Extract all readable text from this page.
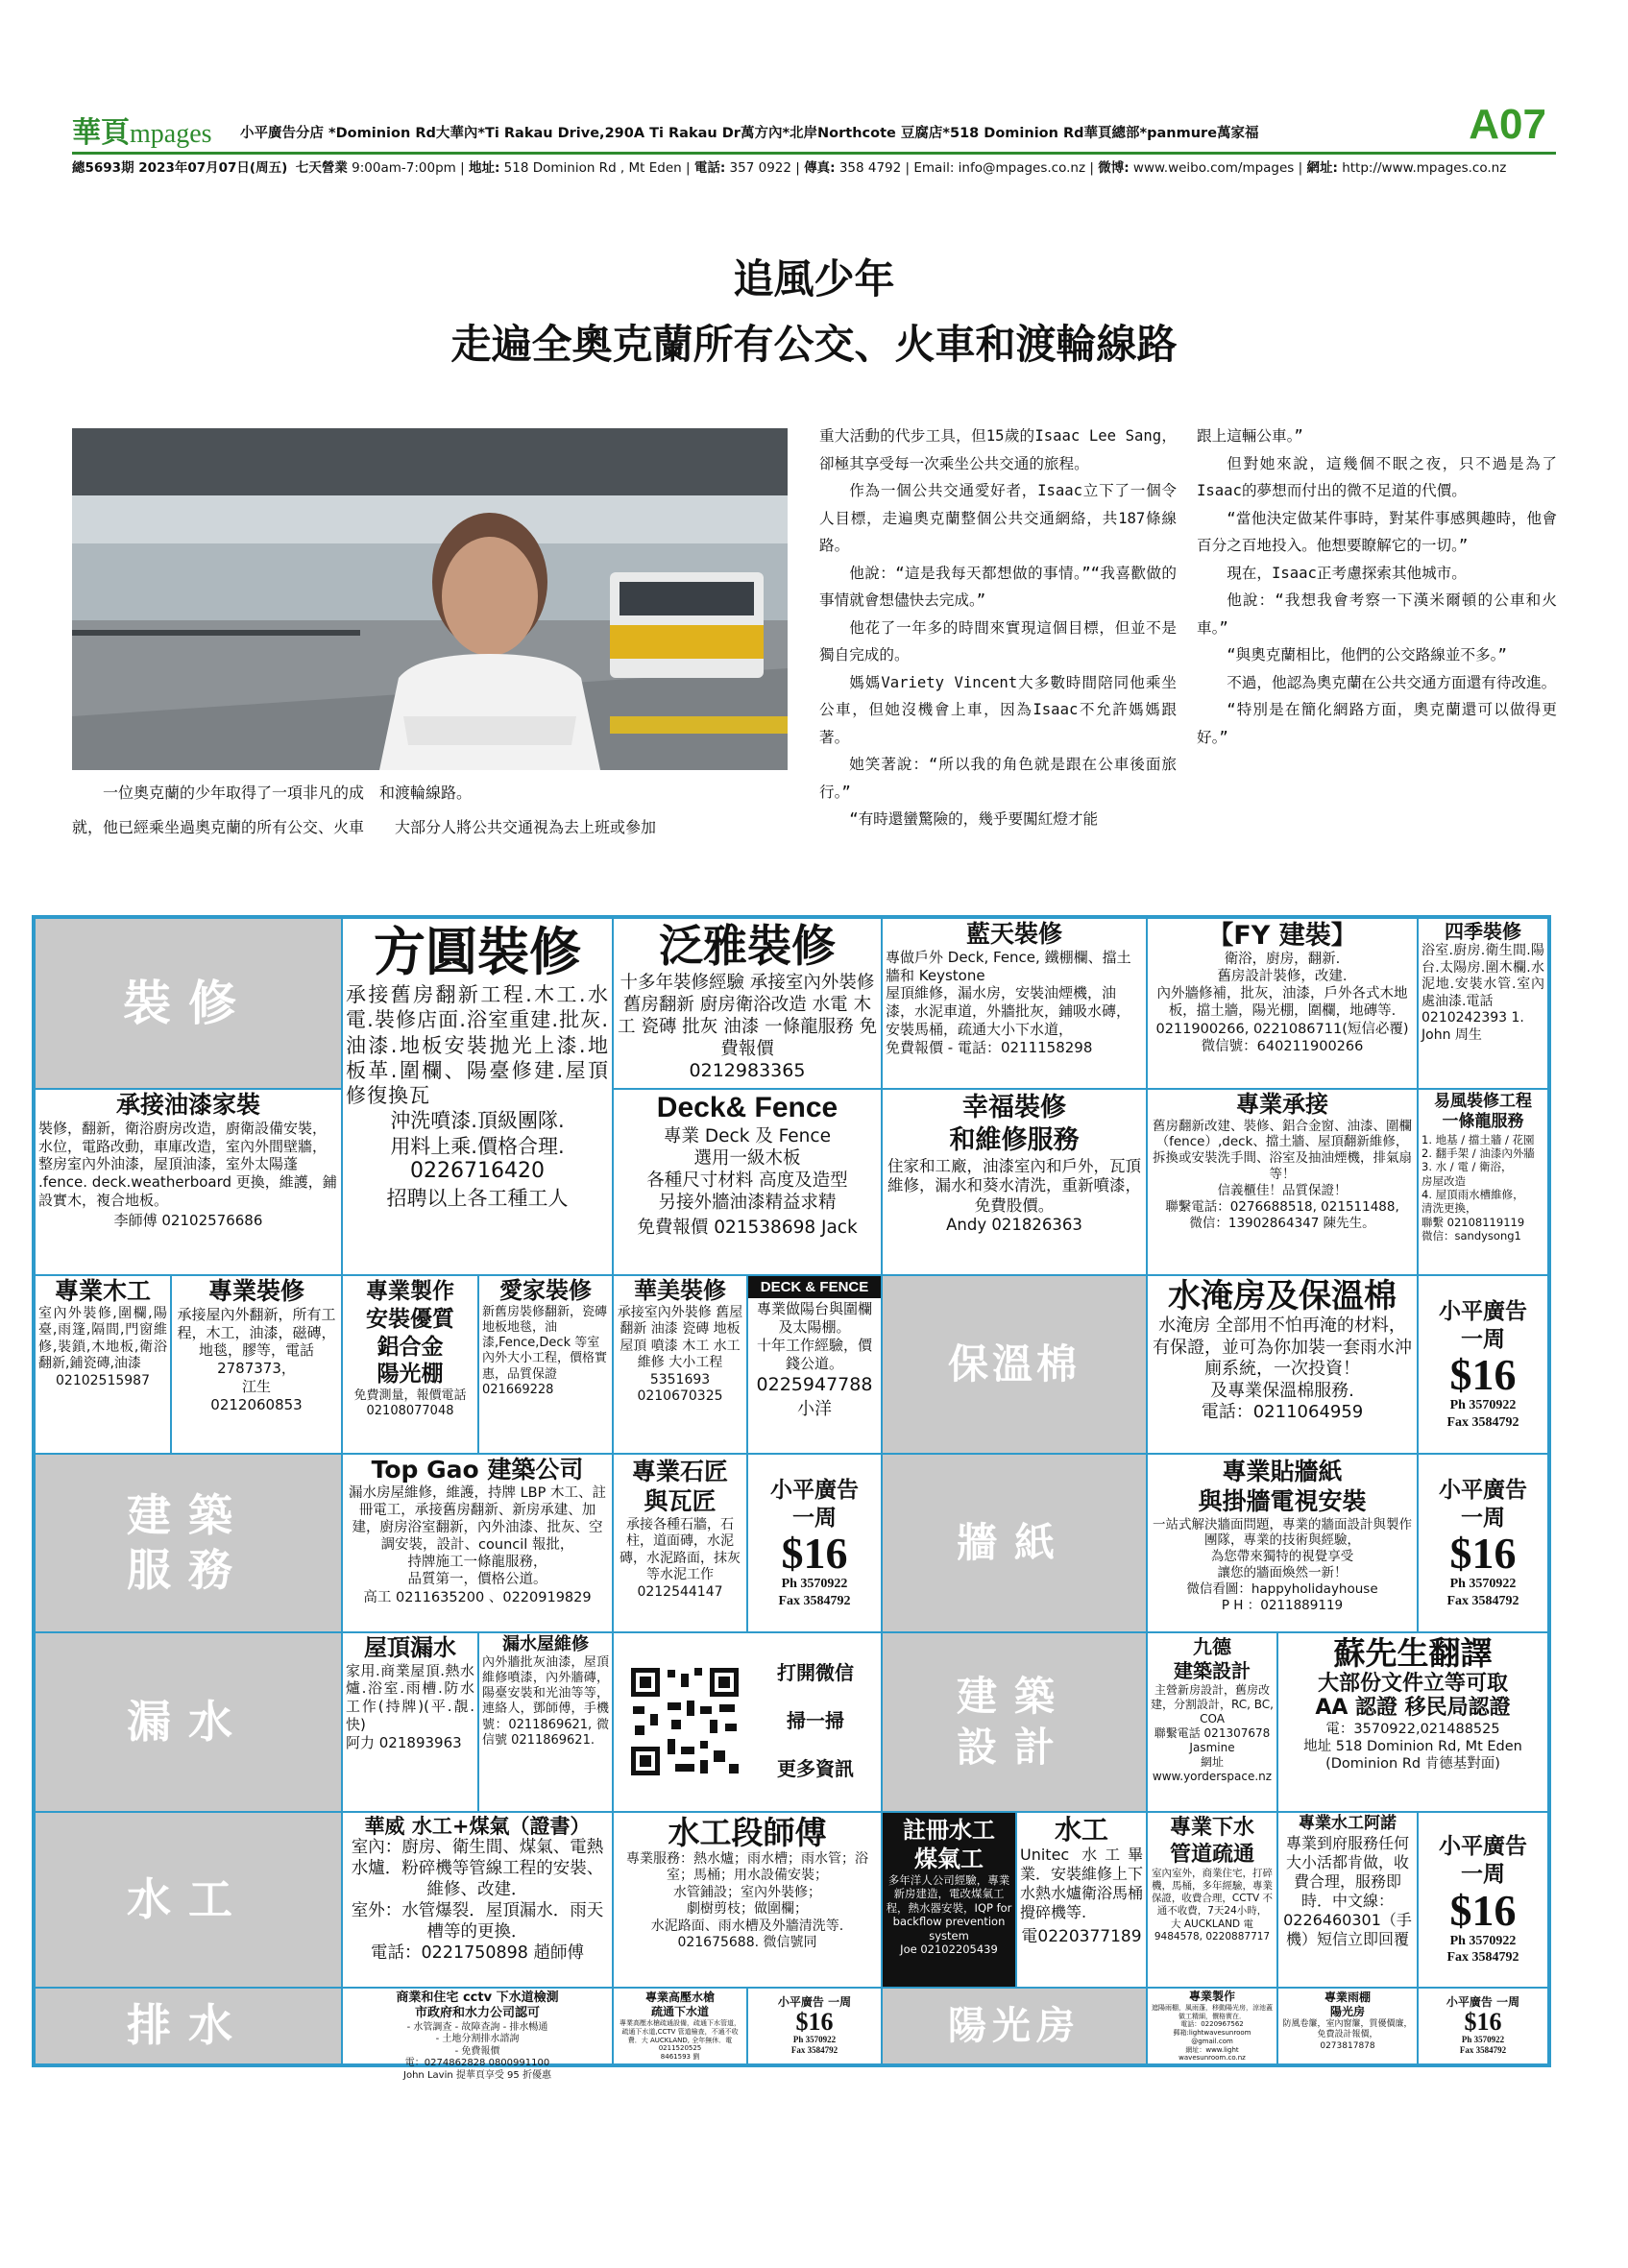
華頁mpages 小平廣告分店 *Dominion Rd大華內*Ti Rakau Drive,290A Ti Rakau Dr萬方內*北岸Northcote 豆腐店*518 Dominion Rd華頁總部*panmure萬家福	A07
總5693期 2023年07月07日(周五) 七天營業 9:00am-7:00pm | 地址: 518 Dominion Rd , Mt Eden | 電話: 357 0922 | 傳真: 358 4792 | Email: info@mpages.co.nz | 微博: www.weibo.com/mpages | 網址: http://www.mpages.co.nz
追風少年
走遍全奧克蘭所有公交、火車和渡輪線路
　　一位奧克蘭的少年取得了一項非凡的成　和渡輪線路。
就，他已經乘坐過奧克蘭的所有公交、火車　　大部分人將公共交通視為去上班或參加

重大活動的代步工具，但15歲的Isaac Lee Sang，卻極其享受每一次乘坐公共交通的旅程。

作為一個公共交通愛好者，Isaac立下了一個令人目標，走遍奧克蘭整個公共交通網絡，共187條線路。

他說：“這是我每天都想做的事情。”“我喜歡做的事情就會想儘快去完成。”

他花了一年多的時間來實現這個目標，但並不是獨自完成的。

媽媽Variety Vincent大多數時間陪同他乘坐公車，但她沒機會上車，因為Isaac不允許媽媽跟著。

她笑著說：“所以我的角色就是跟在公車後面旅行。”

“有時還蠻驚險的，幾乎要闖紅燈才能

跟上這輛公車。”

但對她來說，這幾個不眠之夜，只不過是為了Isaac的夢想而付出的微不足道的代價。

“當他決定做某件事時，對某件事感興趣時，他會百分之百地投入。他想要瞭解它的一切。”

現在，Isaac正考慮探索其他城市。

他說：“我想我會考察一下漢米爾頓的公車和火車。”

“與奧克蘭相比，他們的公交路線並不多。”

不過，他認為奧克蘭在公共交通方面還有待改進。

“特別是在簡化網路方面，奧克蘭還可以做得更好。”

裝修
方圓裝修
承接舊房翻新工程.木工.水電.裝修店面.浴室重建.批灰.油漆.地板安裝拋光上漆.地板革.圍欄、陽臺修建.屋頂修復換瓦
沖洗噴漆.頂級團隊.
用料上乘.價格合理.
0226716420
招聘以上各工種工人
泛雅裝修
十多年裝修經驗 承接室內外裝修 舊房翻新 廚房衛浴改造 水電 木工 瓷磚 批灰 油漆 一條龍服務 免費報價
0212983365
藍天裝修
專做戶外 Deck, Fence, 鐵棚欄、擋土牆和 Keystone
屋頂維修，漏水房，安裝油煙機，油漆，水泥車道，外牆批灰，鋪吸水磚，安裝馬桶，疏通大小下水道，
免費報價 - 電話：0211158298
【FY 建裝】
衛浴，廚房，翻新.
舊房設計裝修，改建.
內外牆修補，批灰，油漆，戶外各式木地板，擋土牆，陽光棚，圍欄，地磚等.
0211900266, 0221086711(短信必覆)
微信號：640211900266
四季裝修
浴室.廚房.衛生間.陽台.太陽房.圍木欄.水泥地.安裝水管.室內處油漆.電話
0210242393 1.
John 周生
承接油漆家裝
裝修，翻新，衛浴廚房改造，廚衛設備安裝，水位，電路改動，車庫改造，室內外間壁牆，整房室內外油漆，屋頂油漆，室外太陽蓬 .fence. deck.weatherboard 更換，維護，鋪設實木，複合地板。
李師傅 02102576686
Deck& Fence
專業 Deck 及 Fence
選用一級木板
各種尺寸材料 高度及造型
另接外牆油漆精益求精
免費報價 021538698 Jack
幸福裝修
和維修服務
住家和工廠，油漆室內和戶外，瓦頂維修，漏水和葵水清洗，重新噴漆，免費股價。
Andy 021826363
專業承接
舊房翻新改建、裝修、鋁合金窗、油漆、圍欄（fence）,deck、擋土牆、屋頂翻新維修，拆換或安裝洗手間、浴室及抽油煙機，排氣扇等！
信義櫃佳！品質保證！
聯繫電話：0276688518, 021511488,
微信：13902864347 陳先生。
易風裝修工程
一條龍服務
1. 地基 / 擋土牆 / 花園
2. 翻手架 / 油漆內外牆
3. 水 / 電 / 衛浴，
房屋改造
4. 屋頂雨水槽維修，
清洗更換，
聯繫 02108119119
微信：sandysong1
專業木工
室內外裝修,圍欄,陽臺,雨篷,隔間,門窗維修,裝鎖,木地板,衛浴翻新,鋪瓷磚,油漆
02102515987
專業裝修
承接屋內外翻新，所有工程，木工，油漆，磁磚，地毯，膠等，電話 2787373，
江生
0212060853
專業製作
安裝優質
鋁合金
陽光棚
免費測量，報價電話 02108077048
愛家裝修
新舊房裝修翻新，瓷磚地板地毯，油漆,Fence,Deck 等室內外大小工程，價格實惠，品質保證 021669228
華美裝修
承接室內外裝修 舊屋翻新 油漆 瓷磚 地板 屋頂 噴漆 木工 水工 維修 大小工程
5351693
0210670325
DECK & FENCE
專業做陽台與圍欄及太陽棚。
十年工作經驗，價錢公道。
0225947788
小洋
保溫棉
水淹房及保溫棉
水淹房 全部用不怕再淹的材料，有保證，並可為你加裝一套雨水沖廁系統，一次投資！
及專業保溫棉服務.
電話：0211064959
小平廣告
一周
$16
Ph 3570922
Fax 3584792
建築
服務
Top Gao 建築公司
漏水房屋維修，維護，持牌 LBP 木工、註冊電工，承接舊房翻新、新房承建、加建，廚房浴室翻新，內外油漆、批灰、空調安裝，設計、council 報批，
持牌施工一條龍服務，
品質第一，價格公道。
高工 0211635200 、0220919829
專業石匠
與瓦匠
承接各種石牆，石柱，道面磚，水泥磚，水泥路面，抹灰等水泥工作
0212544147
小平廣告
一周
$16
Ph 3570922
Fax 3584792
牆紙
專業貼牆紙
與掛牆電視安裝
一站式解決牆面問題，專業的牆面設計與製作團隊，專業的技術與經驗，
為您帶來獨特的視覺享受
讓您的牆面煥然一新！
微信看圖：happyholidayhouse
P H ：0211889119
小平廣告
一周
$16
Ph 3570922
Fax 3584792
漏水
屋頂漏水
家用.商業屋頂.熱水爐.浴室.雨槽.防水工作(持牌)(平.靚.快)
阿力 021893963
漏水屋維修
內外牆批灰油漆，屋頂維修噴漆，內外牆磚，陽臺安裝和光油等等，連絡人，鄧師傅，手機號：0211869621, 微信號 0211869621.
打開微信
掃一掃
更多資訊
建築
設計
九德
建築設計
主營新房設計，舊房改建，分割設計，RC, BC, COA
聯繫電話 021307678
Jasmine
網址
www.yorderspace.nz
蘇先生翻譯
大部份文件立等可取
AA 認證 移民局認證
電：3570922,021488525
地址 518 Dominion Rd, Mt Eden
(Dominion Rd 肯德基對面)
水工
華威 水工+煤氣（證書）
室內：廚房、衛生間、煤氣、電熱水爐．粉碎機等管線工程的安裝、維修、改建．
室外：水管爆裂．屋頂漏水．雨天槽等的更換．
電話：0221750898 趙師傅
水工段師傅
專業服務：熱水爐；雨水槽；雨水管；浴室；馬桶；用水設備安裝；
水管鋪設；室內外裝修；
劇樹剪枝；做圍欄；
水泥路面、雨水槽及外牆清洗等.
021675688. 微信號同
註冊水工
煤氣工
多年洋人公司經驗，專業新房建造，電改煤氣工程，熱水器安裝，IQP for backflow prevention system
Joe 02102205439
水工
Unitec 水工畢業．安裝維修上下水熱水爐衛浴馬桶攪碎機等.
電0220377189
專業下水
管道疏通
室內室外，商業住宅，打碎機，馬桶，多年經驗，專業保證，收費合理，CCTV 不通不收費，7天24小時，
大 AUCKLAND 電 9484578, 0220887717
專業水工阿諾
專業到府服務任何大小活都肯做，收費合理，服務即時．中文線：0226460301（手機）短信立即回覆
小平廣告
一周
$16
Ph 3570922
Fax 3584792
排水
商業和住宅 cctv 下水道檢測
市政府和水力公司認可
- 水管調查 - 故障查詢 - 排水暢通
- 土地分割排水諮詢
- 免費報價
電：0274862828 0800991100
John Lavin 提華頁享受 95 折優惠
專業高壓水槍
疏通下水道
專業高壓水槍疏通設備，疏通下水管道，疏通下水道,CCTV 管道檢查，不通不收費．大 AUCKLAND, 全年無休．電 0211520525
8461593 劉
小平廣告 一周
$16
Ph 3570922
Fax 3584792
陽光房
專業製作
遮陽雨棚，風雨蓬，移動陽光房，涼池蓋
做工精細，價格實在．
電話：0220967562
郵箱:lightwavesunroom
@gmail.com
網址：www.light
wavesunroom.co.nz
專業雨棚
陽光房
防風卷簾，室內窗簾，質優價廉，免費設計報價，
0273817878
小平廣告 一周
$16
Ph 3570922
Fax 3584792
